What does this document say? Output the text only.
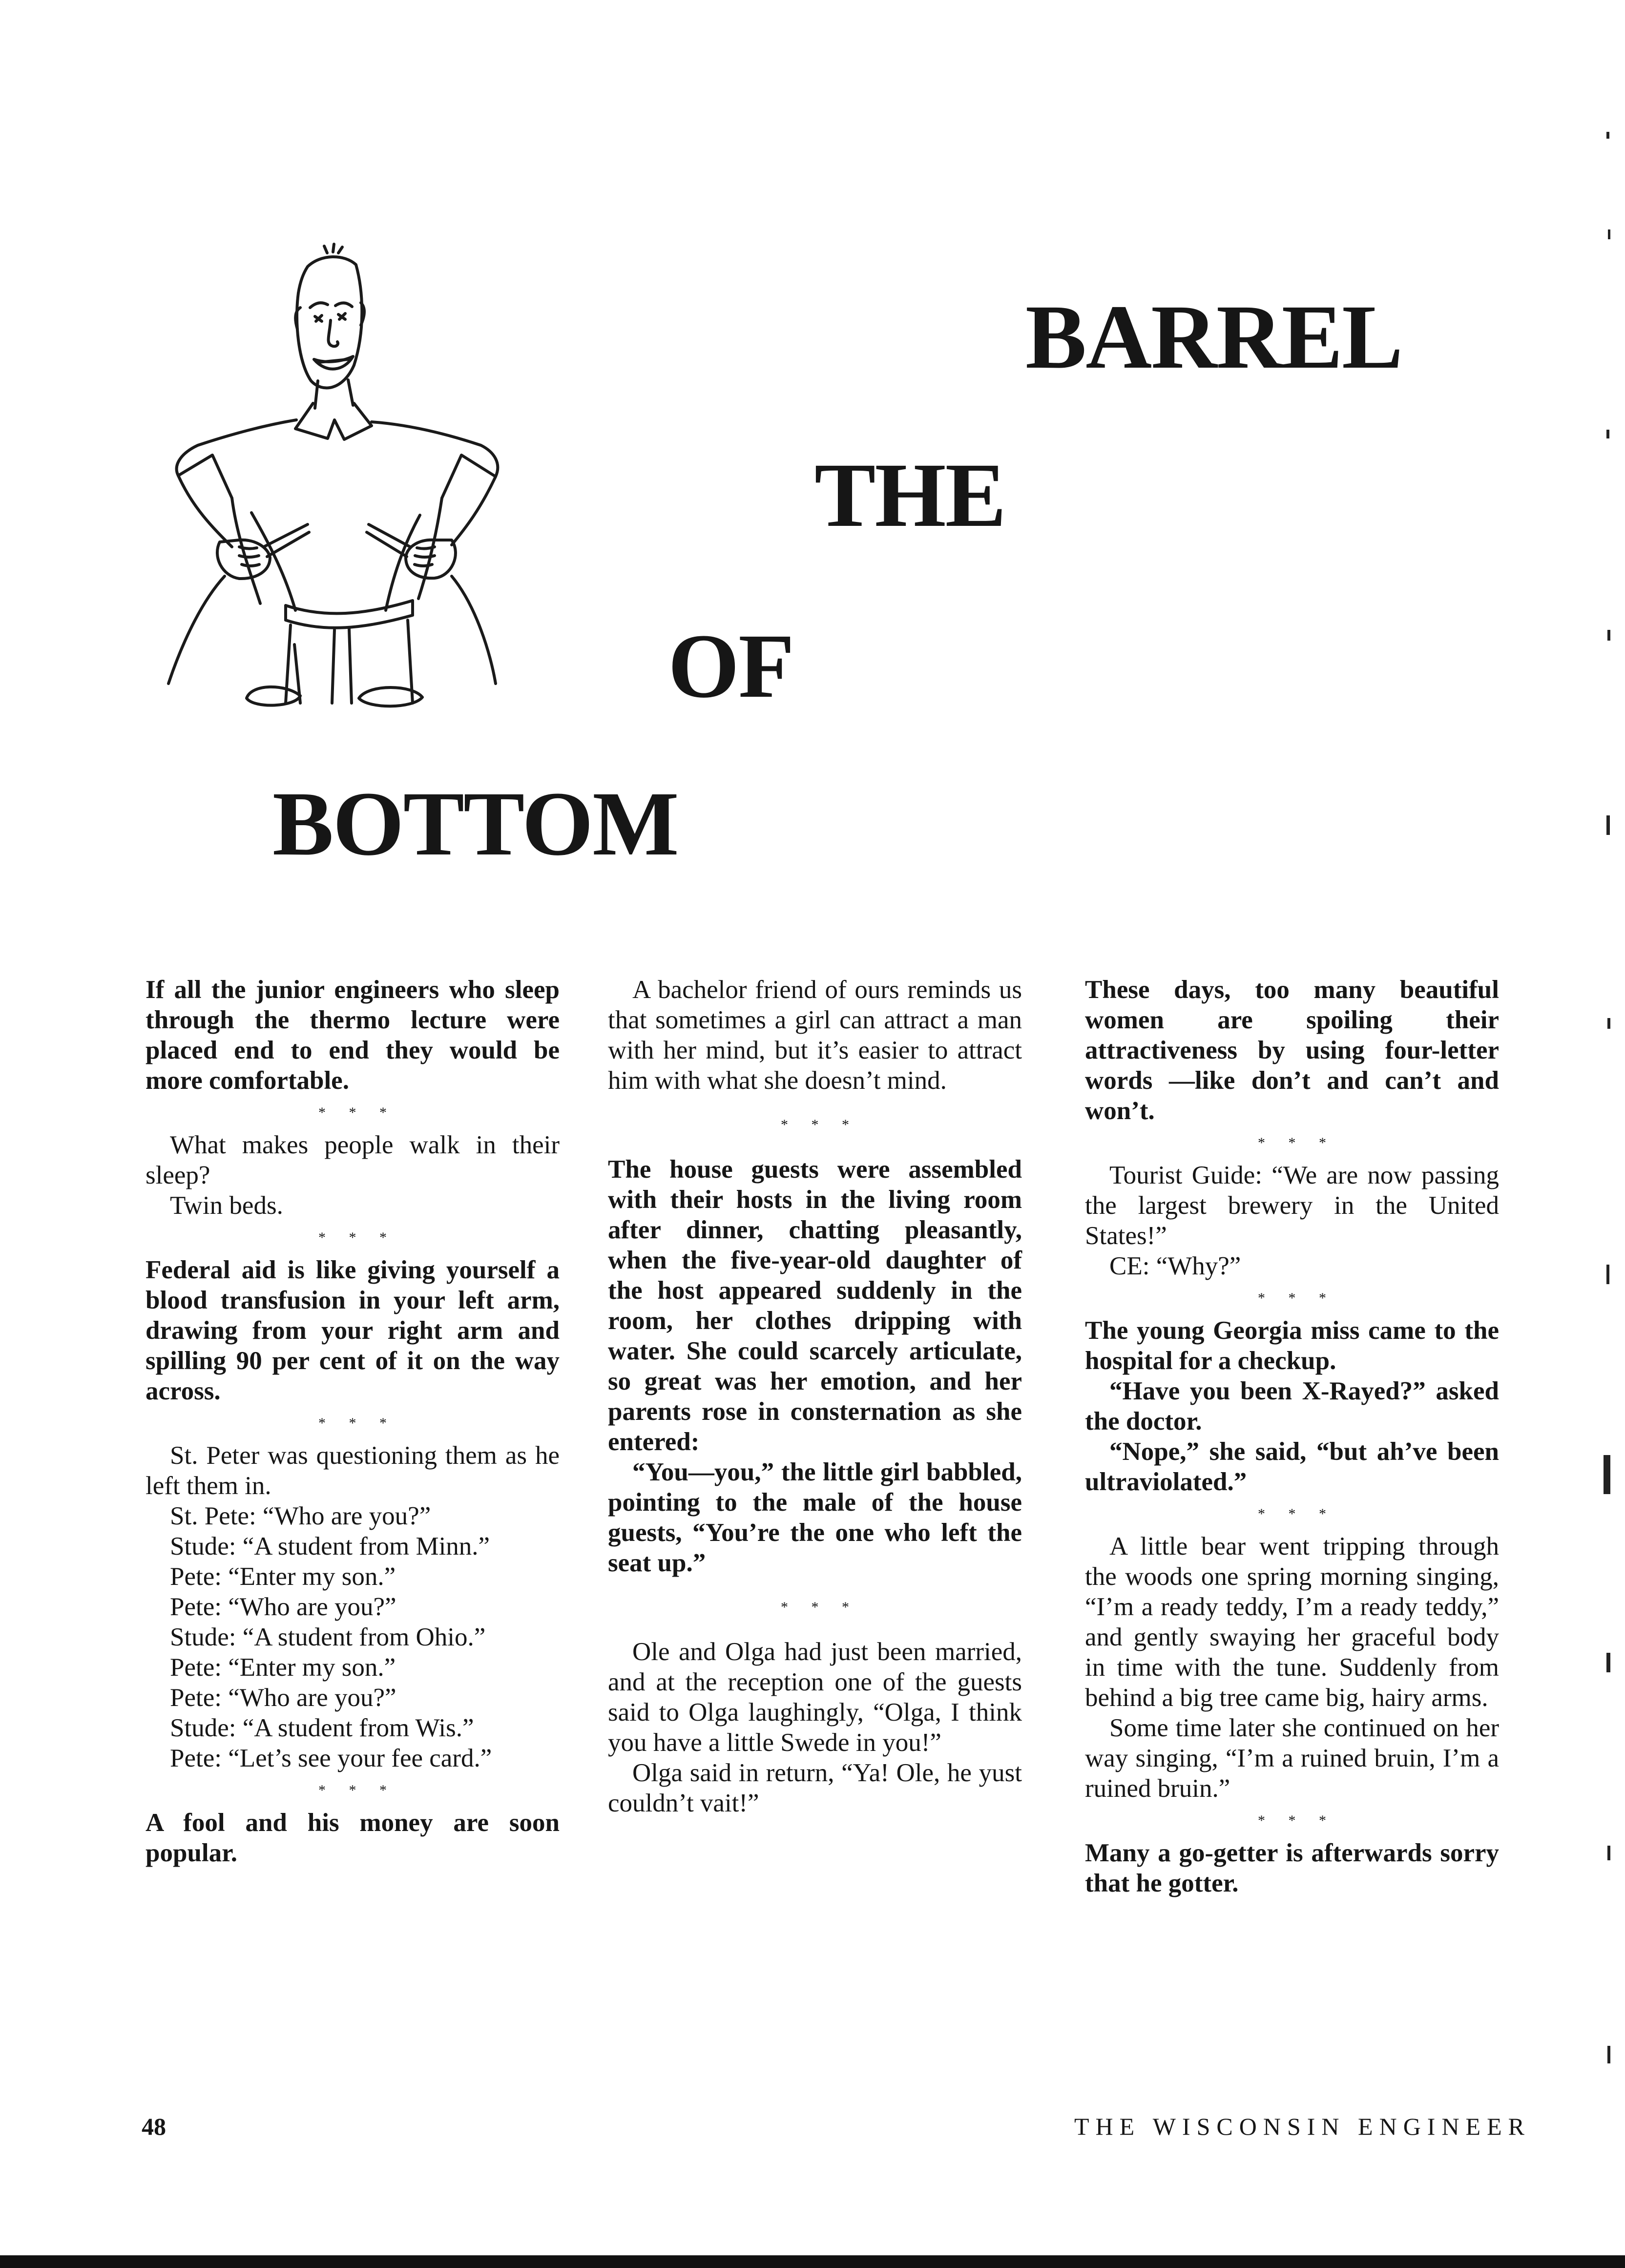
BARREL
THE
OF
BOTTOM

If all the junior engineers who sleep through the thermo lecture were placed end to end they would be more comfortable.

* * *

What makes people walk in their sleep?

Twin beds.

* * *

Federal aid is like giving yourself a blood transfusion in your left arm, drawing from your right arm and spilling 90 per cent of it on the way across.

* * *

St. Peter was questioning them as he left them in.

St. Pete: “Who are you?”

Stude: “A student from Minn.”

Pete: “Enter my son.”

Pete: “Who are you?”

Stude: “A student from Ohio.”

Pete: “Enter my son.”

Pete: “Who are you?”

Stude: “A student from Wis.”

Pete: “Let’s see your fee card.”

* * *

A fool and his money are soon popular.

A bachelor friend of ours reminds us that sometimes a girl can attract a man with her mind, but it’s easier to attract him with what she doesn’t mind.

* * *

The house guests were assembled with their hosts in the living room after dinner, chatting pleasantly, when the five-year-old daughter of the host appeared suddenly in the room, her clothes dripping with water. She could scarcely articulate, so great was her emotion, and her parents rose in consternation as she entered:

“You—you,” the little girl babbled, pointing to the male of the house guests, “You’re the one who left the seat up.”

* * *

Ole and Olga had just been married, and at the reception one of the guests said to Olga laughingly, “Olga, I think you have a little Swede in you!”

Olga said in return, “Ya! Ole, he yust couldn’t vait!”

These days, too many beautiful women are spoiling their attractiveness by using four-letter words —like don’t and can’t and won’t.

* * *

Tourist Guide: “We are now passing the largest brewery in the United States!”

CE: “Why?”

* * *

The young Georgia miss came to the hospital for a checkup.

“Have you been X-Rayed?” asked the doctor.

“Nope,” she said, “but ah’ve been ultraviolated.”

* * *

A little bear went tripping through the woods one spring morning singing, “I’m a ready teddy, I’m a ready teddy,” and gently swaying her graceful body in time with the tune. Suddenly from behind a big tree came big, hairy arms.

Some time later she continued on her way singing, “I’m a ruined bruin, I’m a ruined bruin.”

* * *

Many a go-getter is afterwards sorry that he gotter.

48	THE WISCONSIN ENGINEER
